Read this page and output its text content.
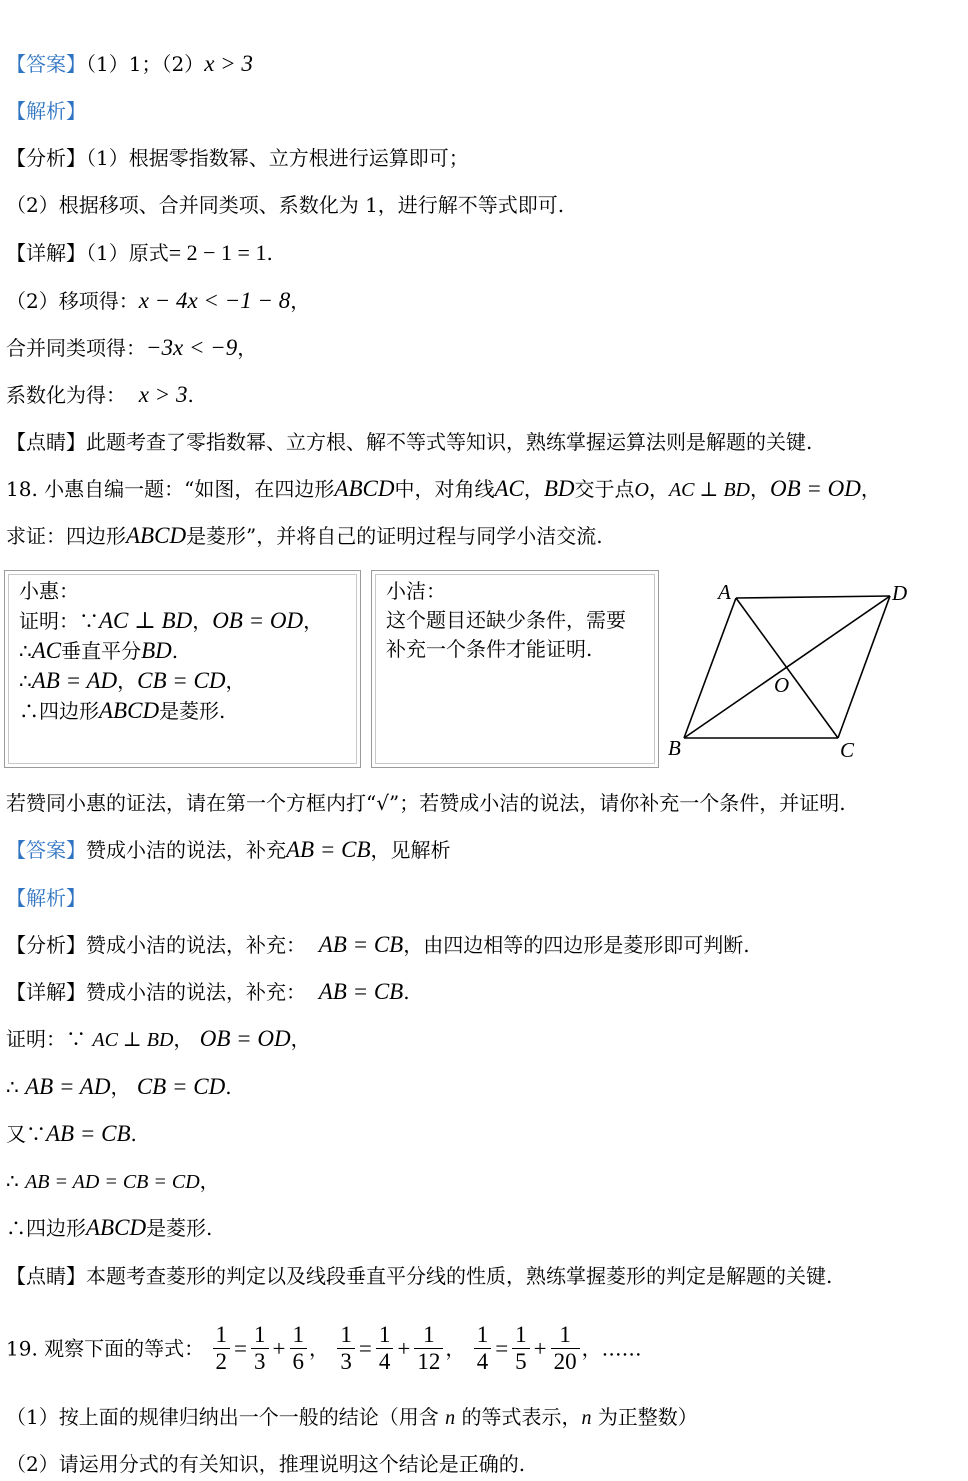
【答案】（1）1；（2）x > 3
【解析】
【分析】（1）根据零指数幂、立方根进行运算即可；
（2）根据移项、合并同类项、系数化为 1，进行解不等式即可.
【详解】（1）原式= 2 − 1 = 1.
（2）移项得：x − 4x < −1 − 8，
合并同类项得：−3x < −9，
系数化为得： x > 3.
【点睛】此题考查了零指数幂、立方根、解不等式等知识，熟练掌握运算法则是解题的关键.
18. 小惠自编一题：“如图，在四边形ABCD中，对角线AC，BD交于点O，AC ⊥ BD，OB = OD，
求证：四边形ABCD是菱形”，并将自己的证明过程与同学小洁交流.
小惠：
证明：∵AC ⊥ BD，OB = OD，
∴AC垂直平分BD.
∴AB = AD，CB = CD，
∴四边形ABCD是菱形.
小洁：
这个题目还缺少条件，需要
补充一个条件才能证明.
A	D
O
B	C
若赞同小惠的证法，请在第一个方框内打“√”；若赞成小洁的说法，请你补充一个条件，并证明.
【答案】赞成小洁的说法，补充AB = CB，见解析
【解析】
【分析】赞成小洁的说法，补充： AB = CB，由四边相等的四边形是菱形即可判断.
【详解】赞成小洁的说法，补充： AB = CB.
证明：∵ AC ⊥ BD， OB = OD，
∴ AB = AD， CB = CD.
又∵AB = CB.
∴ AB = AD = CB = CD，
∴四边形ABCD是菱形.
【点睛】本题考查菱形的判定以及线段垂直平分线的性质，熟练掌握菱形的判定是解题的关键.
19. 观察下面的等式： $\frac{1}{2} = \frac{1}{3} + \frac{1}{6}$ ， $\frac{1}{3} = \frac{1}{4} + \frac{1}{12}$ ， $\frac{1}{4} = \frac{1}{5} + \frac{1}{20}$ ，……
（1）按上面的规律归纳出一个一般的结论（用含 n 的等式表示，n 为正整数）
（2）请运用分式的有关知识，推理说明这个结论是正确的.
